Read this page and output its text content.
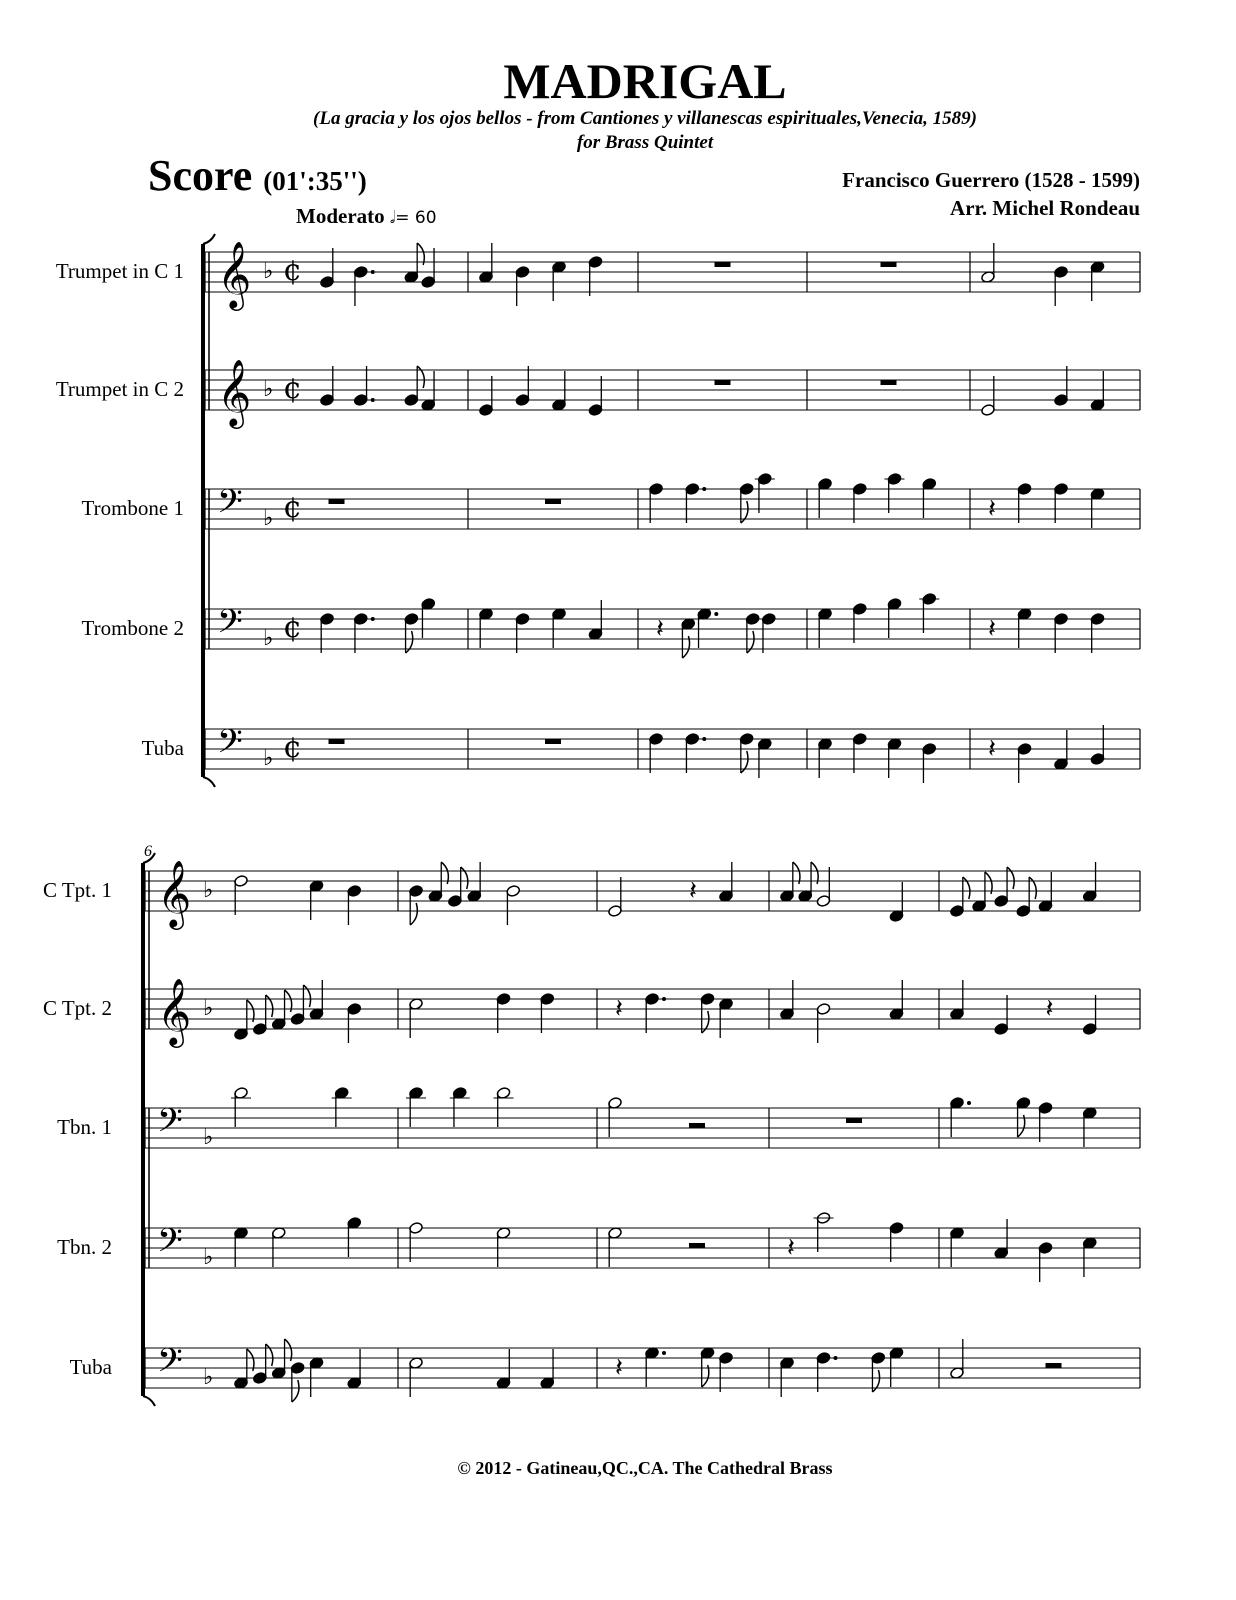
MADRIGAL
(La gracia y los ojos bellos - from Cantiones y villanescas espirituales,Venecia, 1589)
for Brass Quintet
Score (01':35'')	Francisco Guerrero (1528 - 1599)
Arr. Michel Rondeau
Moderato 𝅗𝅥= 60
6
Trumpet in C 1 𝄞 ♭ ¢
Trumpet in C 2 𝄞 ♭ ¢
Trombone 1 𝄢 ♭ ¢
Trombone 2 𝄢 ♭ ¢
Tuba 𝄢 ♭ ¢
𝄽
𝄽	𝄽
𝄽
C Tpt. 1 𝄞 ♭
C Tpt. 2 𝄞 ♭
Tbn. 1 𝄢 ♭
Tbn. 2 𝄢 ♭
Tuba 𝄢 ♭
𝄽
𝄽	𝄽
𝄽
𝄽
© 2012 - Gatineau,QC.,CA. The Cathedral Brass
